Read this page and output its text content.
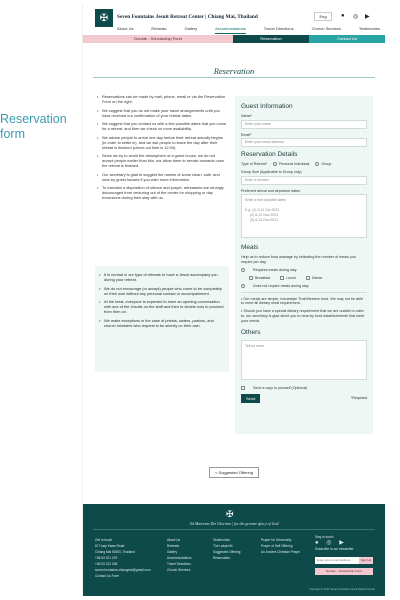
Reservation form
✠	Seven Fountains Jesuit Retreat Center | Chiang Mai, Thailand	Eng	● ◎ ▶
About Us	Retreats	Gallery	Accommodations	Travel Directions	Church Services	Testimonies
Donate - Scholarship Fund	Reservation	Contact Us
Reservation
• Reservations can be made by mail, phone, email or via the Reservation Form on the right.
• We suggest that you do not make your travel arrangements until you have received our confirmation of your retreat dates.
• We suggest that you contact us with a few possible dates that you come for a retreat, and then we check on room availability.
• We advise people to arrive one day before their retreat actually begins (in order to settle in), and we ask people to leave the day after their retreat is finished (check-out time is 12:00).
• Since we try to avoid the atmosphere of a guest house, we do not accept people earlier than this, nor allow them to remain onwards once the retreat is finished.
• Our secretary is glad to suggest the names of some clean, safe, and near-by guest houses if you wish more information.
• To maintain a disposition of silence and prayer, retreatants are strongly discouraged from venturing out of the center for shopping or day excursions during their stay with us.
• It is normal in our type of retreats to have a Jesuit accompany you during your retreat.
• We do not encourage (or accept) people who come to be completely on their own without any personal contact or accompaniment.
• At the least, everyone is expected to have an opening conversation with one of the Jesuits on the staff and then to decide how to proceed from then on.
• We make exceptions in the case of priests, sisters, pastors, and church ministers who request to be silently on their own.
Guest Information
Name*
Enter your name
Email*
Enter your email address
Reservation Details
Type of Retreat*	Personal Individual	Group
Group Size (Applicable to Group only)
Enter a number
Preferred arrival and departure dates
Enter a few possible dates
E.g. (1) 5-11 Oct 2021
(2) 8-14 Nov 2021
(3) 6-12 Dec 2021
Meals
Help us to reduce food wastage by indicating the number of meals you require per day.
Requires meals during stay
Breakfast	Lunch	Dinner
Does not require meals during stay
• Our meals are simple, homestyle Thai/Western food. We may not be able to meet all dietary meal requirement.
• Should you have a special dietary requirement that we are unable to cater to, our secretary is glad direct you to near-by food establishments that meet your needs.
Others
Tell us more
Send a copy to yourself (Optional)
Send	*Required
< Suggested Offering
✠
Ad Maiorem Dei Gloriam | for the greater glory of God
Get in touch
87 Huay Kaew Road
Chiang Mai 50300, Thailand
+66 53 221 079
+66 53 222 048
seven.fountains.chiangmai@gmail.com
Contact Us Form
About Us
Retreats
Gallery
Accommodations
Travel Directions
Church Services
Testimonies
The Labyrinth
Suggested Offering
Reservation
Prayer for Generosity
Prayer of Self Offering
An Ancient Christian Prayer
Stay in touch
● ◎ ▶
Subscribe to our newsletter
Enter your email address	Sign Up
Donate - Scholarship Fund
Copyright © 2021 Seven Fountains Jesuit Retreat Center
